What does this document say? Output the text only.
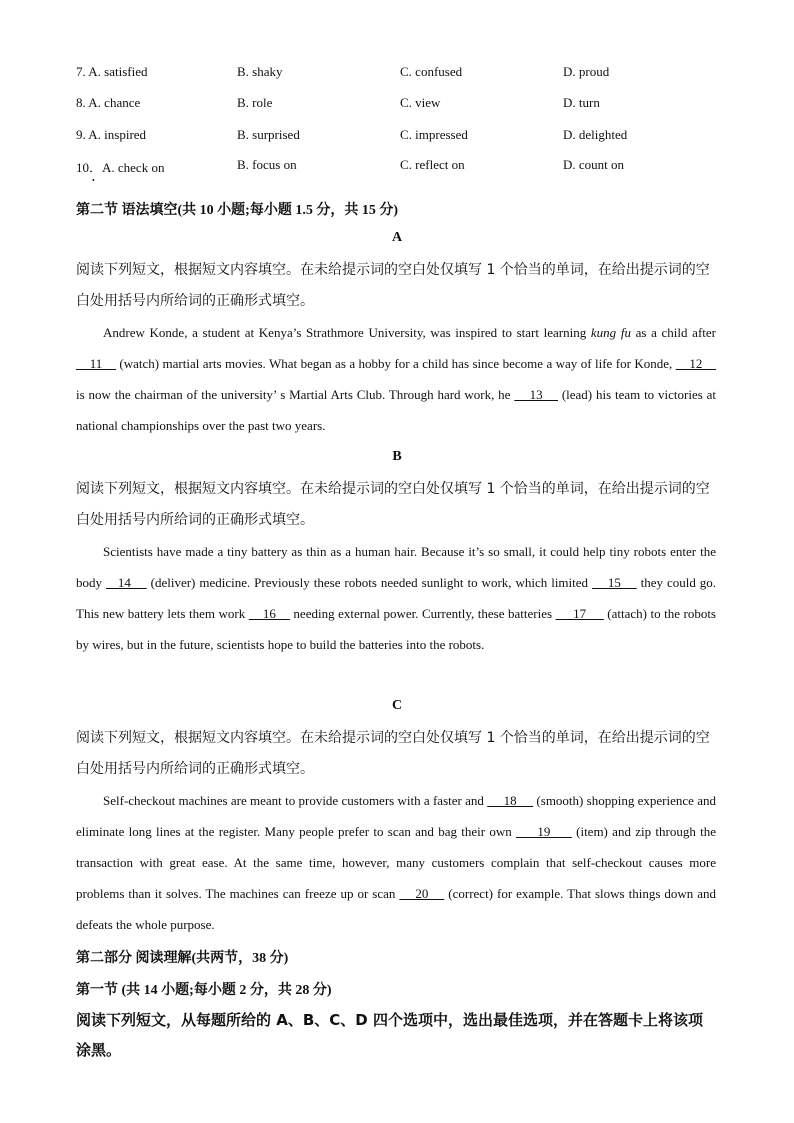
7. A. satisfied	B. shaky	C. confused	D. proud
8. A. chance	B. role	C. view	D. turn
9. A. inspired	B. surprised	C. impressed	D. delighted
10．A. check on	B. focus on	C. reflect on	D. count on
•
第二节 语法填空(共 10 小题;每小题 1.5 分，共 15 分)
A
阅读下列短文，根据短文内容填空。在未给提示词的空白处仅填写 1 个恰当的单词，在给出提示词的空白处用括号内所给词的正确形式填空。
Andrew Konde, a student at Kenya’s Strathmore University, was inspired to start learning kung fu as a child after     11     (watch) martial arts movies. What began as a hobby for a child has since become a way of life for Konde,     12     is now the chairman of the university’ s Martial Arts Club. Through hard work, he     13     (lead) his team to victories at national championships over the past two years.
B
阅读下列短文，根据短文内容填空。在未给提示词的空白处仅填写 1 个恰当的单词，在给出提示词的空白处用括号内所给词的正确形式填空。
Scientists have made a tiny battery as thin as a human hair. Because it’s so small, it could help tiny robots enter the body    14     (deliver) medicine. Previously these robots needed sunlight to work, which limited     15     they could go. This new battery lets them work     16     needing external power. Currently, these batteries      17      (attach) to the robots by wires, but in the future, scientists hope to build the batteries into the robots.
C
阅读下列短文，根据短文内容填空。在未给提示词的空白处仅填写 1 个恰当的单词，在给出提示词的空白处用括号内所给词的正确形式填空。
Self-checkout machines are meant to provide customers with a faster and      18      (smooth) shopping experience and eliminate long lines at the register. Many people prefer to scan and bag their own      19      (item) and zip through the transaction with great ease. At the same time, however, many customers complain that self-checkout causes more problems than it solves. The machines can freeze up or scan     20     (correct) for example. That slows things down and defeats the whole purpose.
第二部分 阅读理解(共两节，38 分)
第一节 (共 14 小题;每小题 2 分，共 28 分)
阅读下列短文，从每题所给的 A、B、C、D 四个选项中，选出最佳选项，并在答题卡上将该项涂黑。
